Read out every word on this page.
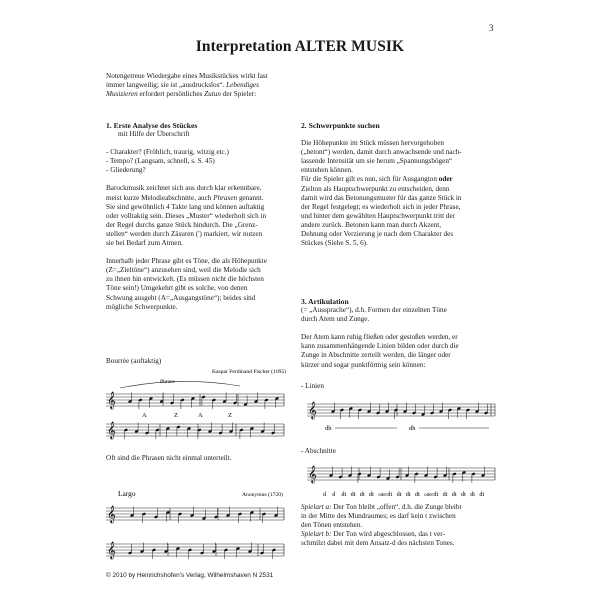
3
Interpretation ALTER MUSIK

Notengetreue Wiedergabe eines Musikstückes wirkt fast

immer langweilig; sie ist „ausdruckslos“. Lebendiges

Musizieren erfordert persönliches Zutun der Spieler:

1. Erste Analyse des Stückes

mit Hilfe der Überschrift

- Charakter? (Fröhlich, traurig, witzig etc.)

- Tempo? (Langsam, schnell, s. S. 45)

- Gliederung?

Barockmusik zeichnet sich aus durch klar erkennbare,

meist kurze Melodieabschnitte, auch Phrasen genannt.

Sie sind gewöhnlich 4 Takte lang und können auftaktig

oder volltaktig sein. Dieses „Muster“ wiederholt sich in

der Regel durchs ganze Stück hindurch. Die „Grenz-

stellen“ werden durch Zäsuren (') markiert, wir nutzen

sie bei Bedarf zum Atmen.

Innerhalb jeder Phrase gibt es Töne, die als Höhepunkte

(Z=„Zieltöne“) anzusehen sind, weil die Melodie sich

zu ihnen hin entwickelt. (Es müssen nicht die höchsten

Töne sein!) Umgekehrt gibt es solche, von denen

Schwung ausgeht (A=„Ausgangstöne“); beides sind

mögliche Schwerpunkte.

Bourrée (auftaktig)
Kaspar Ferdinand Fischer (1695)
Phrase
𝄞
A	Z	A	Z
𝄞
Oft sind die Phrasen nicht einmal unterteilt.
Largo	Anonymus (1720)
𝄞
𝄞
2. Schwerpunkte suchen

Die Höhepunkte im Stück müssen hervorgehoben

(„betont“) werden, damit durch anwachsende und nach-

lassende Intensität um sie herum „Spannungsbögen“

entstehen können.

Für die Spieler gilt es nun, sich für Ausgangton oder

Zielton als Hauptschwerpunkt zu entscheiden, denn

damit wird das Betonungsmuster für das ganze Stück in

der Regel festgelegt; es wiederholt sich in jeder Phrase,

und hinter dem gewählten Hauptschwerpunkt tritt der

andere zurück. Betonen kann man durch Akzent,

Dehnung oder Verzierung je nach dem Charakter des

Stückes (Siehe S. 5, 6).

3. Artikulation

(= „Aussprache“), d.h. Formen der einzelnen Töne

durch Atem und Zunge.

Der Atem kann ruhig fließen oder gestoßen werden, er

kann zusammenhängende Linien bilden oder durch die

Zunge in Abschnitte zerteilt werden, die länger oder

kürzer und sogar punktförmig sein können:

- Linien
𝄞
dh	dh
- Abschnitte
𝄞
d d dt dt dt dt oder dt dt dt dt oder dt dt dt dt dt dt

Spielart a: Der Ton bleibt „offen“, d.h. die Zunge bleibt

in der Mitte des Mundraumes; es darf kein t zwischen

den Tönen entstehen.

Spielart b: Der Ton wird abgeschlossen, das t ver-

schmilzt dabei mit dem Ansatz-d des nächsten Tones.

© 2010 by Heinrichshofen's Verlag, Wilhelmshaven N 2531
